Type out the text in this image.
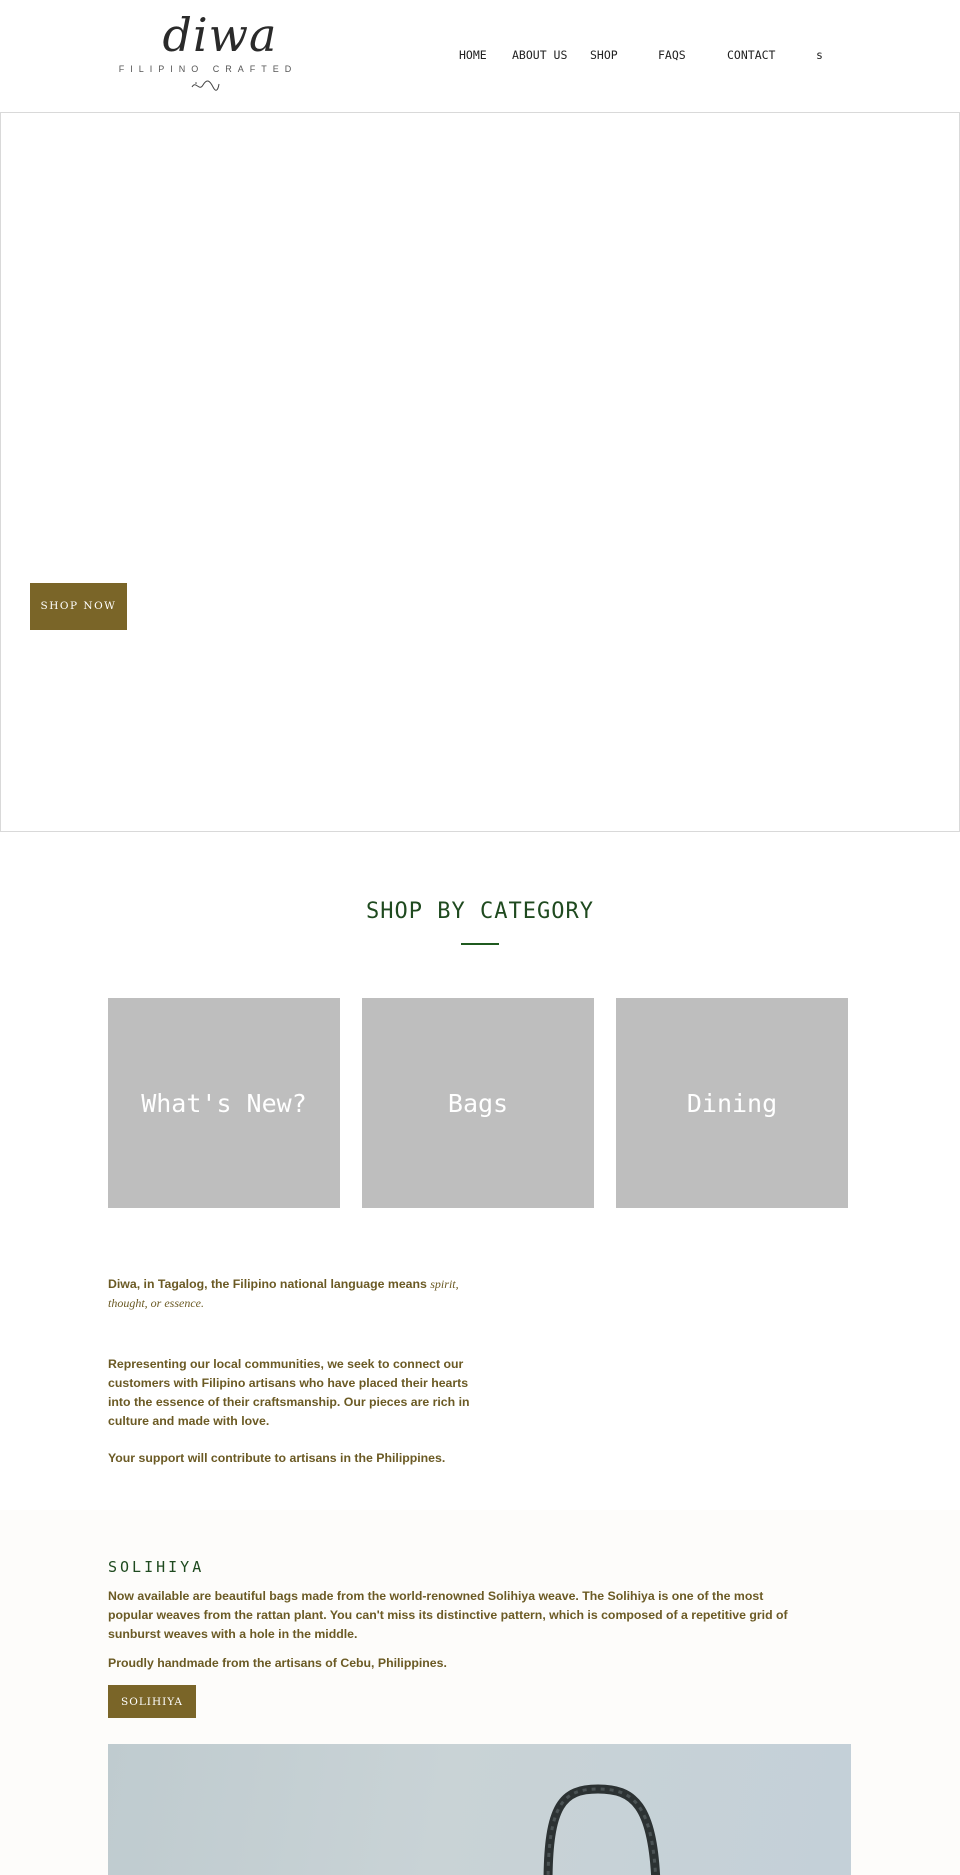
diwa
FILIPINO CRAFTED
HOME ABOUT US SHOP	FAQS	CONTACT	s
SHOP NOW
SHOP BY CATEGORY
What's New?	Bags	Dining
Diwa, in Tagalog, the Filipino national language means spirit, thought, or essence.
Representing our local communities, we seek to connect our customers with Filipino artisans who have placed their hearts into the essence of their craftsmanship. Our pieces are rich in culture and made with love.
Your support will contribute to artisans in the Philippines.
SOLIHIYA
Now available are beautiful bags made from the world-renowned Solihiya weave. The Solihiya is one of the most popular weaves from the rattan plant. You can't miss its distinctive pattern, which is composed of a repetitive grid of sunburst weaves with a hole in the middle.
Proudly handmade from the artisans of Cebu, Philippines.
SOLIHIYA
